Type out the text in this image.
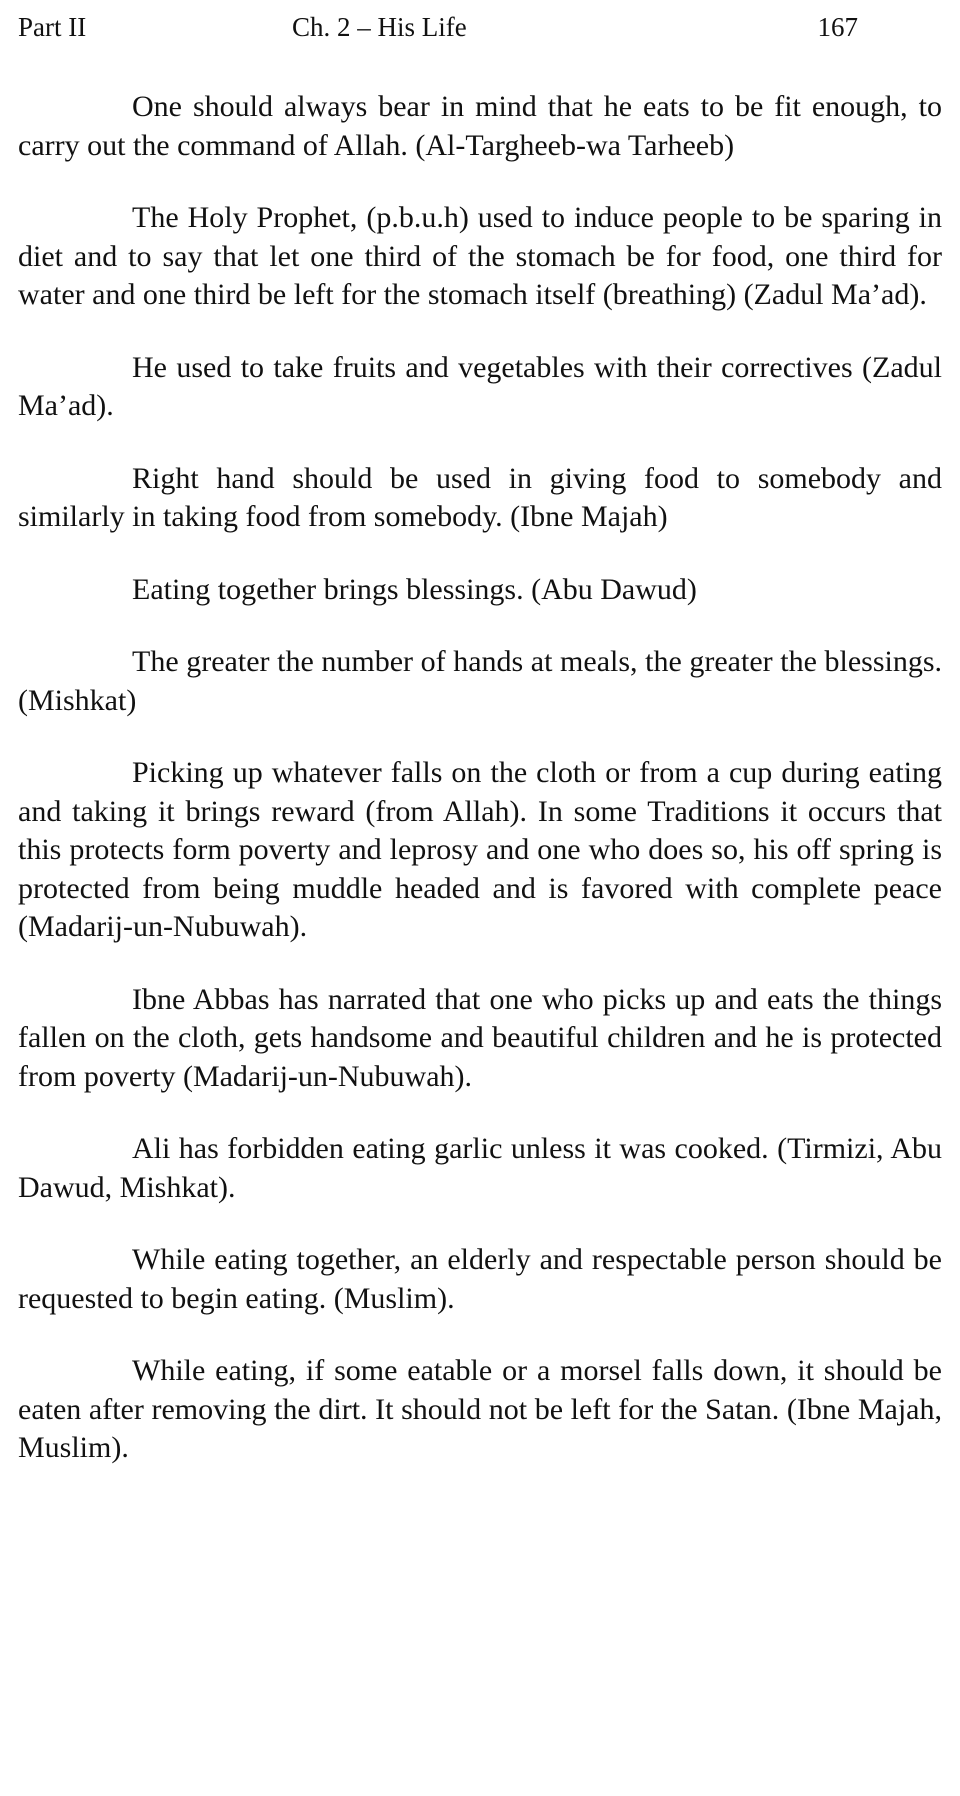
Part II	Ch. 2 – His Life	167

One should always bear in mind that he eats to be fit enough, to carry out the command of Allah. (Al-Targheeb-wa Tarheeb)

The Holy Prophet, (p.b.u.h) used to induce people to be sparing in diet and to say that let one third of the stomach be for food, one third for water and one third be left for the stomach itself (breathing) (Zadul Ma’ad).

He used to take fruits and vegetables with their correctives (Zadul Ma’ad).

Right hand should be used in giving food to somebody and similarly in taking food from somebody. (Ibne Majah)

Eating together brings blessings. (Abu Dawud)

The greater the number of hands at meals, the greater the blessings. (Mishkat)

Picking up whatever falls on the cloth or from a cup during eating and taking it brings reward (from Allah). In some Traditions it occurs that this protects form poverty and leprosy and one who does so, his off spring is protected from being muddle headed and is favored with complete peace (Madarij-un-Nubuwah).

Ibne Abbas has narrated that one who picks up and eats the things fallen on the cloth, gets handsome and beautiful children and he is protected from poverty (Madarij-un-Nubuwah).

Ali has forbidden eating garlic unless it was cooked. (Tirmizi, Abu Dawud, Mishkat).

While eating together, an elderly and respectable person should be requested to begin eating. (Muslim).

While eating, if some eatable or a morsel falls down, it should be eaten after removing the dirt. It should not be left for the Satan. (Ibne Majah, Muslim).
